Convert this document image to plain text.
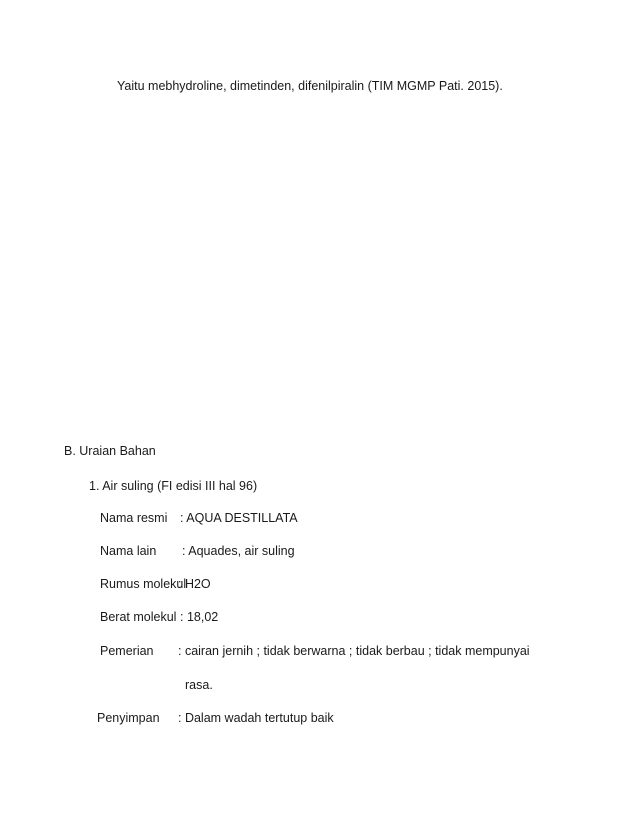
Yaitu mebhydroline, dimetinden, difenilpiralin (TIM MGMP Pati. 2015).
B. Uraian Bahan
1. Air suling (FI edisi III hal 96)
Nama resmi : AQUA DESTILLATA
Nama lain : Aquades, air suling
Rumus molekul
: H2O
Berat molekul : 18,02
Pemerian : cairan jernih ; tidak berwarna ; tidak berbau ; tidak mempunyai
rasa.
Penyimpan : Dalam wadah tertutup baik
